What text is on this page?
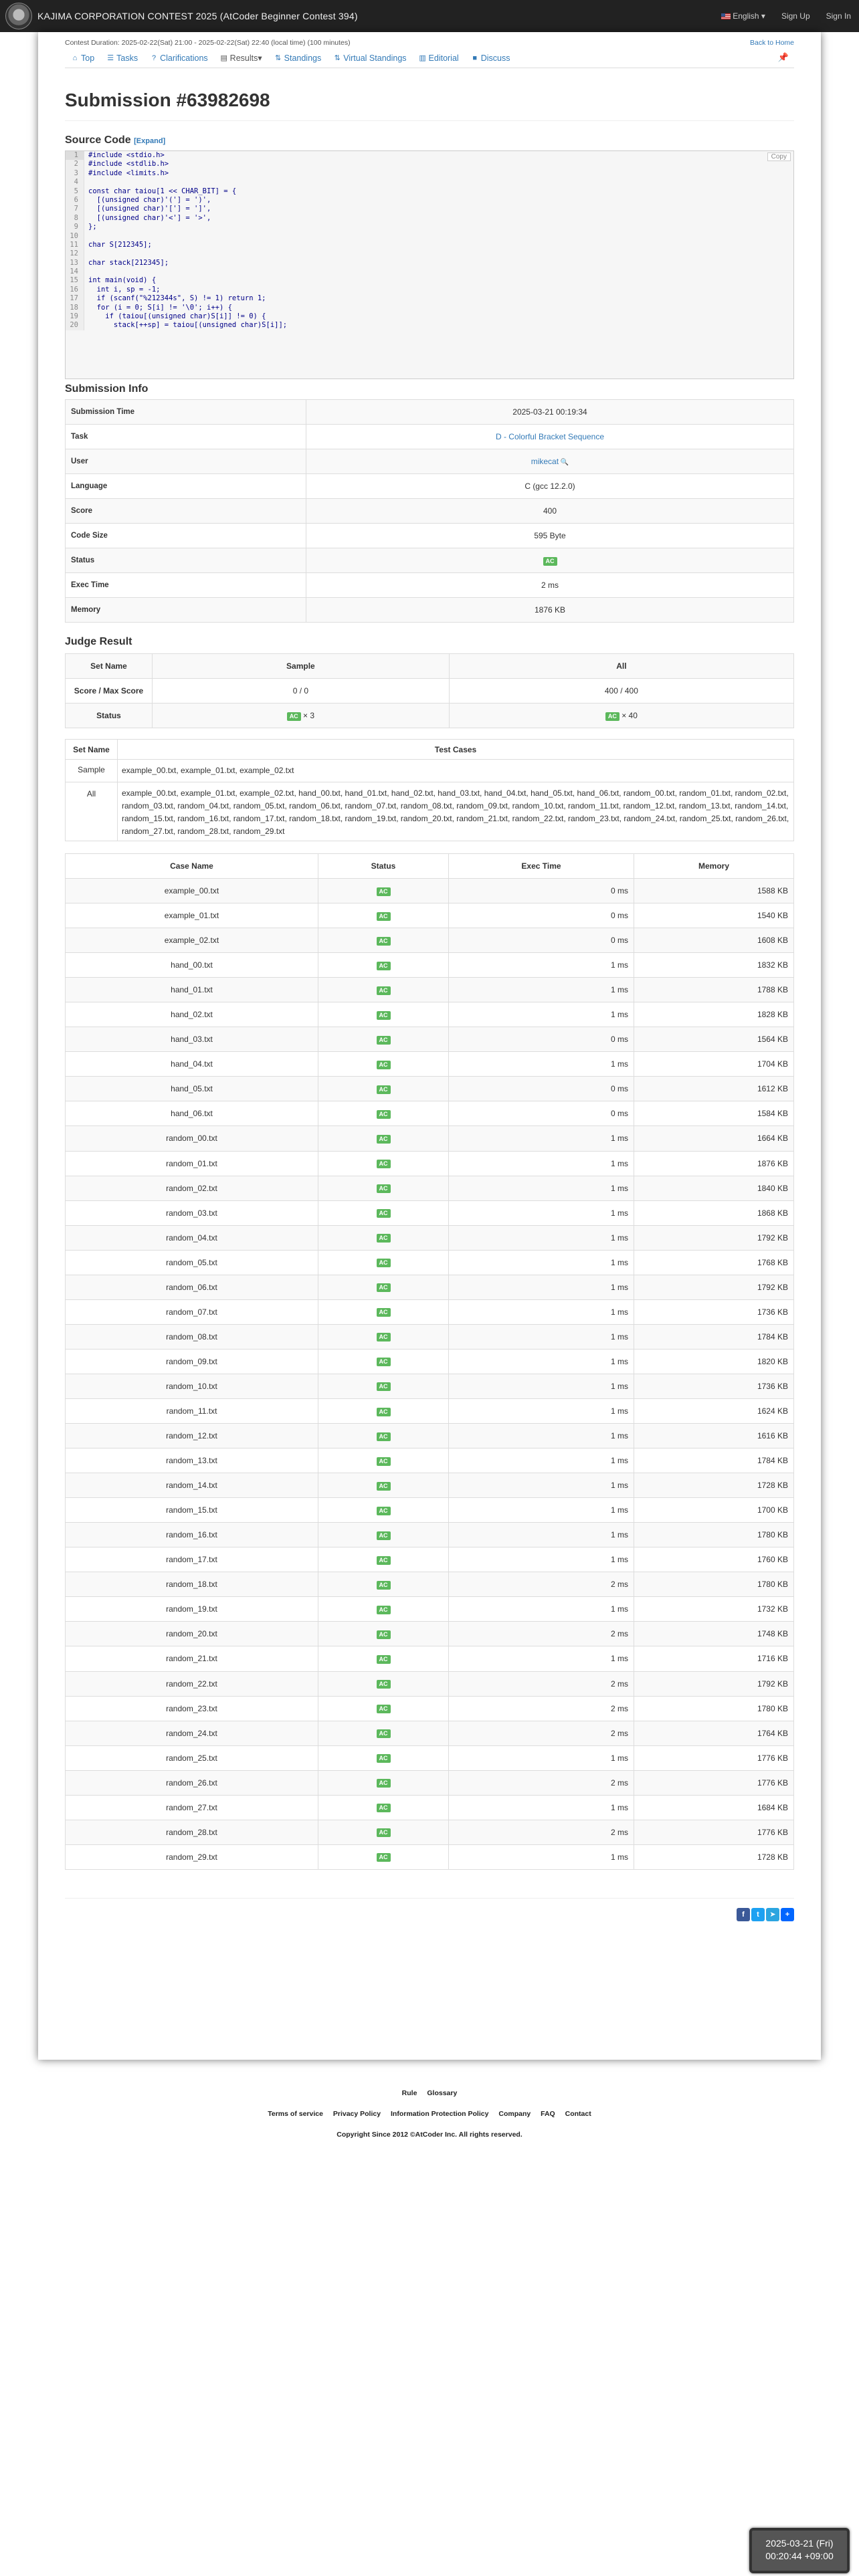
KAJIMA CORPORATION CONTEST 2025 (AtCoder Beginner Contest 394)	English ▾ Sign Up Sign In
Contest Duration: 2025-02-22(Sat) 21:00 - 2025-02-22(Sat) 22:40 (local time) (100 minutes)	Back to Home
⌂ Top ☰ Tasks ? Clarifications ▤ Results ▾ ⇅ Standings ⇅ Virtual Standings ▥ Editorial ■ Discuss	📌
Submission #63982698
Source Code [Expand]
Copy
1	#include <stdio.h>
2	#include <stdlib.h>
3	#include <limits.h>
4
5	const char taiou[1 << CHAR_BIT] = {
6	[(unsigned char)'('] = ')',
7	[(unsigned char)'['] = ']',
8	[(unsigned char)'<'] = '>',
9	};
10
11	char S[212345];
12
13	char stack[212345];
14
15	int main(void) {
16	int i, sp = -1;
17	if (scanf("%212344s", S) != 1) return 1;
18	for (i = 0; S[i] != '\0'; i++) {
19	if (taiou[(unsigned char)S[i]] != 0) {
20	stack[++sp] = taiou[(unsigned char)S[i]];
Submission Info
Submission Time	2025-03-21 00:19:34
Task	D - Colorful Bracket Sequence
User	mikecat 🔍
Language	C (gcc 12.2.0)
Score	400
Code Size	595 Byte
Status	AC
Exec Time	2 ms
Memory	1876 KB
Judge Result
Set Name	Sample	All
Score / Max Score	0 / 0	400 / 400
Status	AC × 3	AC × 40
Set Name	Test Cases
Sample	example_00.txt, example_01.txt, example_02.txt
All	example_00.txt, example_01.txt, example_02.txt, hand_00.txt, hand_01.txt, hand_02.txt, hand_03.txt, hand_04.txt, hand_05.txt, hand_06.txt, random_00.txt, random_01.txt, random_02.txt, random_03.txt, random_04.txt, random_05.txt, random_06.txt, random_07.txt, random_08.txt, random_09.txt, random_10.txt, random_11.txt, random_12.txt, random_13.txt, random_14.txt, random_15.txt, random_16.txt, random_17.txt, random_18.txt, random_19.txt, random_20.txt, random_21.txt, random_22.txt, random_23.txt, random_24.txt, random_25.txt, random_26.txt, random_27.txt, random_28.txt, random_29.txt
Case Name	Status	Exec Time	Memory
example_00.txt	AC	0 ms	1588 KB
example_01.txt	AC	0 ms	1540 KB
example_02.txt	AC	0 ms	1608 KB
hand_00.txt	AC	1 ms	1832 KB
hand_01.txt	AC	1 ms	1788 KB
hand_02.txt	AC	1 ms	1828 KB
hand_03.txt	AC	0 ms	1564 KB
hand_04.txt	AC	1 ms	1704 KB
hand_05.txt	AC	0 ms	1612 KB
hand_06.txt	AC	0 ms	1584 KB
random_00.txt	AC	1 ms	1664 KB
random_01.txt	AC	1 ms	1876 KB
random_02.txt	AC	1 ms	1840 KB
random_03.txt	AC	1 ms	1868 KB
random_04.txt	AC	1 ms	1792 KB
random_05.txt	AC	1 ms	1768 KB
random_06.txt	AC	1 ms	1792 KB
random_07.txt	AC	1 ms	1736 KB
random_08.txt	AC	1 ms	1784 KB
random_09.txt	AC	1 ms	1820 KB
random_10.txt	AC	1 ms	1736 KB
random_11.txt	AC	1 ms	1624 KB
random_12.txt	AC	1 ms	1616 KB
random_13.txt	AC	1 ms	1784 KB
random_14.txt	AC	1 ms	1728 KB
random_15.txt	AC	1 ms	1700 KB
random_16.txt	AC	1 ms	1780 KB
random_17.txt	AC	1 ms	1760 KB
random_18.txt	AC	2 ms	1780 KB
random_19.txt	AC	1 ms	1732 KB
random_20.txt	AC	2 ms	1748 KB
random_21.txt	AC	1 ms	1716 KB
random_22.txt	AC	2 ms	1792 KB
random_23.txt	AC	2 ms	1780 KB
random_24.txt	AC	2 ms	1764 KB
random_25.txt	AC	1 ms	1776 KB
random_26.txt	AC	2 ms	1776 KB
random_27.txt	AC	1 ms	1684 KB
random_28.txt	AC	2 ms	1776 KB
random_29.txt	AC	1 ms	1728 KB
f	t	➤	+
Rule Glossary
Terms of service Privacy Policy Information Protection Policy Company FAQ Contact
Copyright Since 2012 ©AtCoder Inc. All rights reserved.
2025-03-21 (Fri)
00:20:44 +09:00
